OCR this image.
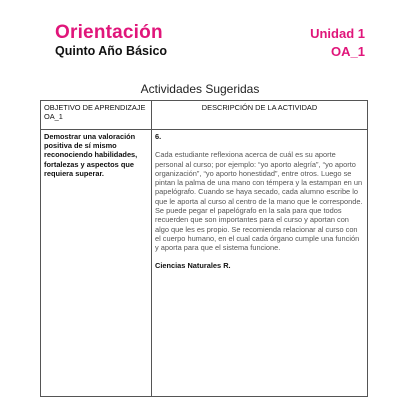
Orientación
Quinto Año Básico
Unidad 1
OA_1
Actividades Sugeridas
OBJETIVO DE APRENDIZAJE OA_1	DESCRIPCIÓN DE LA ACTIVIDAD
Demostrar una valoración positiva de sí mismo reconociendo habilidades, fortalezas y aspectos que requiera superar.	6.
Cada estudiante reflexiona acerca de cuál es su aporte personal al curso; por ejemplo: “yo aporto alegría”, “yo aporto organización”, “yo aporto honestidad”, entre otros. Luego se pintan la palma de una mano con témpera y la estampan en un papelógrafo. Cuando se haya secado, cada alumno escribe lo que le aporta al curso al centro de la mano que le corresponde. Se puede pegar el papelógrafo en la sala para que todos recuerden que son importantes para el curso y aportan con algo que les es propio. Se recomienda relacionar al curso con el cuerpo humano, en el cual cada órgano cumple una función y aporta para que el sistema funcione.
Ciencias Naturales R.
